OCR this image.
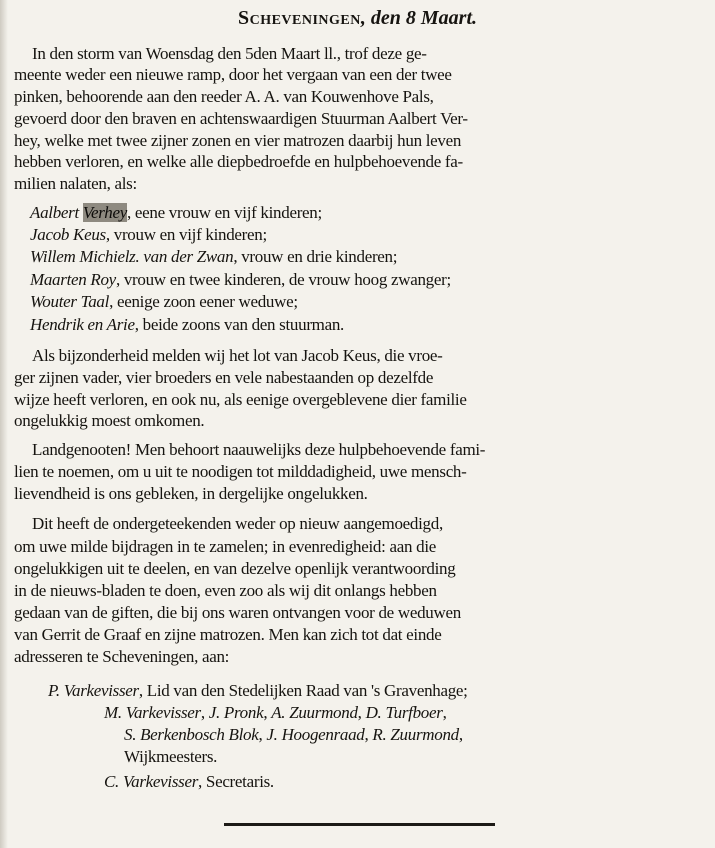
Scheveningen, den 8 Maart.
In den storm van Woensdag den 5den Maart ll., trof deze ge-
meente weder een nieuwe ramp, door het vergaan van een der twee
pinken, behoorende aan den reeder A. A. van Kouwenhove Pals,
gevoerd door den braven en achtenswaardigen Stuurman Aalbert Ver-
hey, welke met twee zijner zonen en vier matrozen daarbij hun leven
hebben verloren, en welke alle diepbedroefde en hulpbehoevende fa-
milien nalaten, als:
Aalbert Verhey, eene vrouw en vijf kinderen;
Jacob Keus, vrouw en vijf kinderen;
Willem Michielz. van der Zwan, vrouw en drie kinderen;
Maarten Roy, vrouw en twee kinderen, de vrouw hoog zwanger;
Wouter Taal, eenige zoon eener weduwe;
Hendrik en Arie, beide zoons van den stuurman.
Als bijzonderheid melden wij het lot van Jacob Keus, die vroe-
ger zijnen vader, vier broeders en vele nabestaanden op dezelfde
wijze heeft verloren, en ook nu, als eenige overgeblevene dier familie
ongelukkig moest omkomen.
Landgenooten! Men behoort naauwelijks deze hulpbehoevende fami-
lien te noemen, om u uit te noodigen tot milddadigheid, uwe mensch-
lievendheid is ons gebleken, in dergelijke ongelukken.
Dit heeft de ondergeteekenden weder op nieuw aangemoedigd,
om uwe milde bijdragen in te zamelen; in evenredigheid: aan die
ongelukkigen uit te deelen, en van dezelve openlijk verantwoording
in de nieuws-bladen te doen, even zoo als wij dit onlangs hebben
gedaan van de giften, die bij ons waren ontvangen voor de weduwen
van Gerrit de Graaf en zijne matrozen. Men kan zich tot dat einde
adresseren te Scheveningen, aan:
P. Varkevisser, Lid van den Stedelijken Raad van 's Gravenhage;
M. Varkevisser, J. Pronk, A. Zuurmond, D. Turfboer,
S. Berkenbosch Blok, J. Hoogenraad, R. Zuurmond,
Wijkmeesters.
C. Varkevisser, Secretaris.
